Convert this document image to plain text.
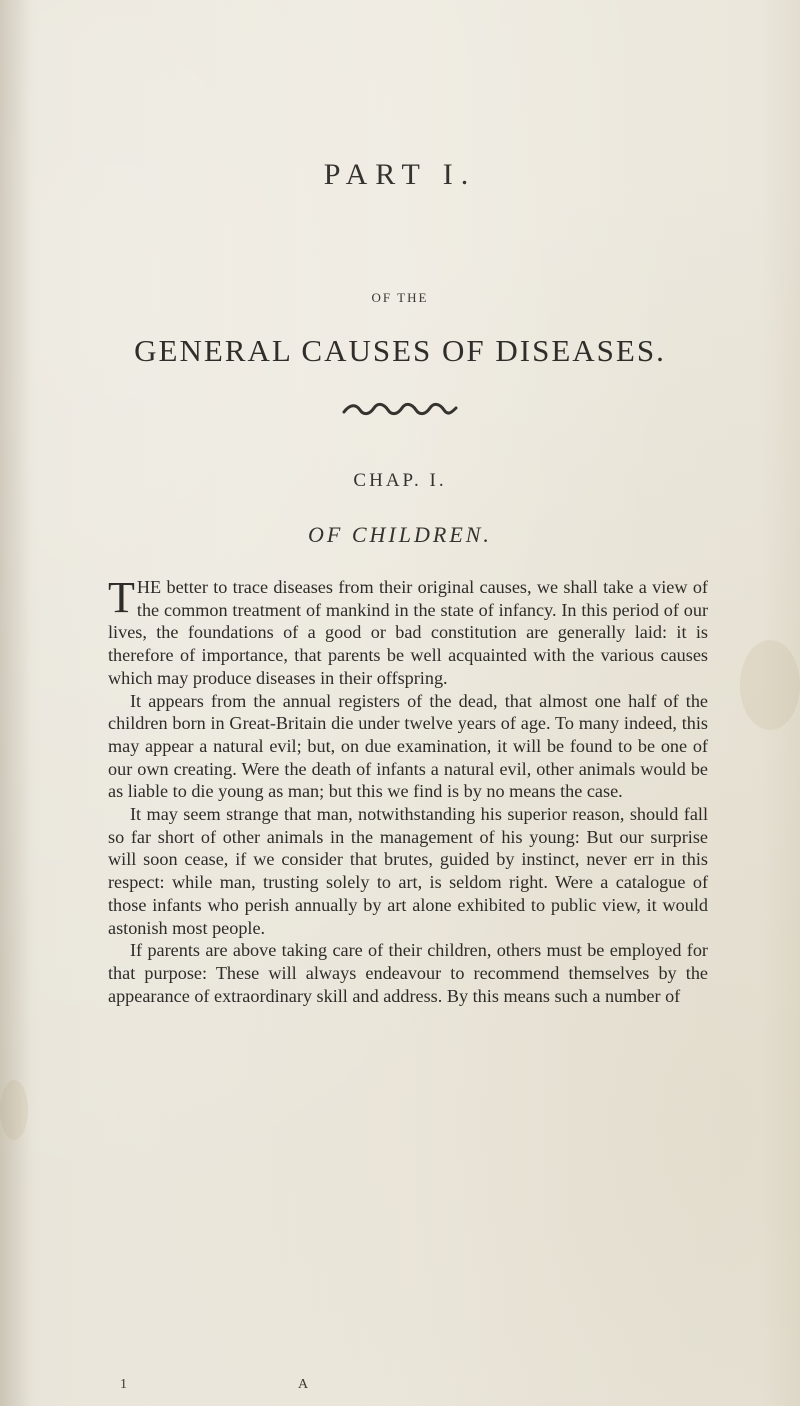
PART I.
OF THE
GENERAL CAUSES OF DISEASES.
CHAP. I.
OF CHILDREN.

THE better to trace diseases from their original causes, we shall take a view of the common treatment of mankind in the state of infancy. In this period of our lives, the foundations of a good or bad constitution are generally laid: it is therefore of importance, that parents be well acquainted with the various causes which may produce diseases in their offspring.

It appears from the annual registers of the dead, that almost one half of the children born in Great-Britain die under twelve years of age. To many indeed, this may appear a natural evil; but, on due examination, it will be found to be one of our own creating. Were the death of infants a natural evil, other animals would be as liable to die young as man; but this we find is by no means the case.

It may seem strange that man, notwithstanding his superior reason, should fall so far short of other animals in the management of his young: But our surprise will soon cease, if we consider that brutes, guided by instinct, never err in this respect: while man, trusting solely to art, is seldom right. Were a catalogue of those infants who perish annually by art alone exhibited to public view, it would astonish most people.

If parents are above taking care of their children, others must be employed for that purpose: These will always endeavour to recommend themselves by the appearance of extraordinary skill and address. By this means such a number of

1	A
